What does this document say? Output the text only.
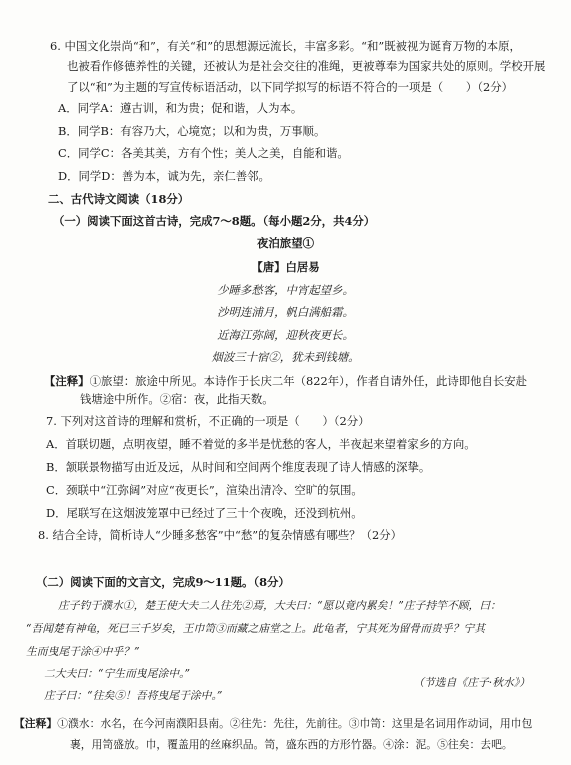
6. 中国文化崇尚“和”，有关“和”的思想源远流长，丰富多彩。“和”既被视为诞育万物的本原，
也被看作修德养性的关键，还被认为是社会交往的准绳，更被尊奉为国家共处的原则。学校开展
了以“和”为主题的写宣传标语活动，以下同学拟写的标语不符合的一项是（　　）（2分）
A．同学A：遵古训，和为贵；促和谐，人为本。
B．同学B：有容乃大，心境宽；以和为贵，万事顺。
C．同学C：各美其美，方有个性；美人之美，自能和谐。
D．同学D：善为本，诚为先，亲仁善邻。
二、古代诗文阅读（18分）
（一）阅读下面这首古诗，完成7～8题。（每小题2分，共4分）
夜泊旅望①
【唐】白居易
少睡多愁客，中宵起望乡。
沙明连浦月，帆白满船霜。
近海江弥阔，迎秋夜更长。
烟波三十宿②，犹未到钱塘。
【注释】①旅望：旅途中所见。本诗作于长庆二年（822年），作者自请外任，此诗即他自长安赴
钱塘途中所作。②宿：夜，此指天数。
7. 下列对这首诗的理解和赏析，不正确的一项是（　　）（2分）
A．首联切题，点明夜望，睡不着觉的多半是忧愁的客人，半夜起来望着家乡的方向。
B．颔联景物描写由近及远，从时间和空间两个维度表现了诗人情感的深挚。
C．颈联中“江弥阔”对应“夜更长”，渲染出清冷、空旷的氛围。
D．尾联写在这烟波笼罩中已经过了三十个夜晚，还没到杭州。
8. 结合全诗，简析诗人“少睡多愁客”中“愁”的复杂情感有哪些？（2分）
（二）阅读下面的文言文，完成9～11题。（8分）
庄子钓于濮水①，楚王使大夫二人往先②焉，大夫曰：“愿以竟内累矣！”庄子持竿不顾，曰：
“吾闻楚有神龟，死已三千岁矣，王巾笥③而藏之庙堂之上。此龟者，宁其死为留骨而贵乎？宁其
生而曳尾于涂④中乎？”
二大夫曰：“宁生而曳尾涂中。”
庄子曰：“往矣⑤！吾将曳尾于涂中。”
（节选自《庄子·秋水》）
【注释】①濮水：水名，在今河南濮阳县南。②往先：先往，先前往。③巾笥：这里是名词用作动词，用巾包
裹，用笥盛放。巾，覆盖用的丝麻织品。笥，盛东西的方形竹器。④涂：泥。⑤往矣：去吧。
